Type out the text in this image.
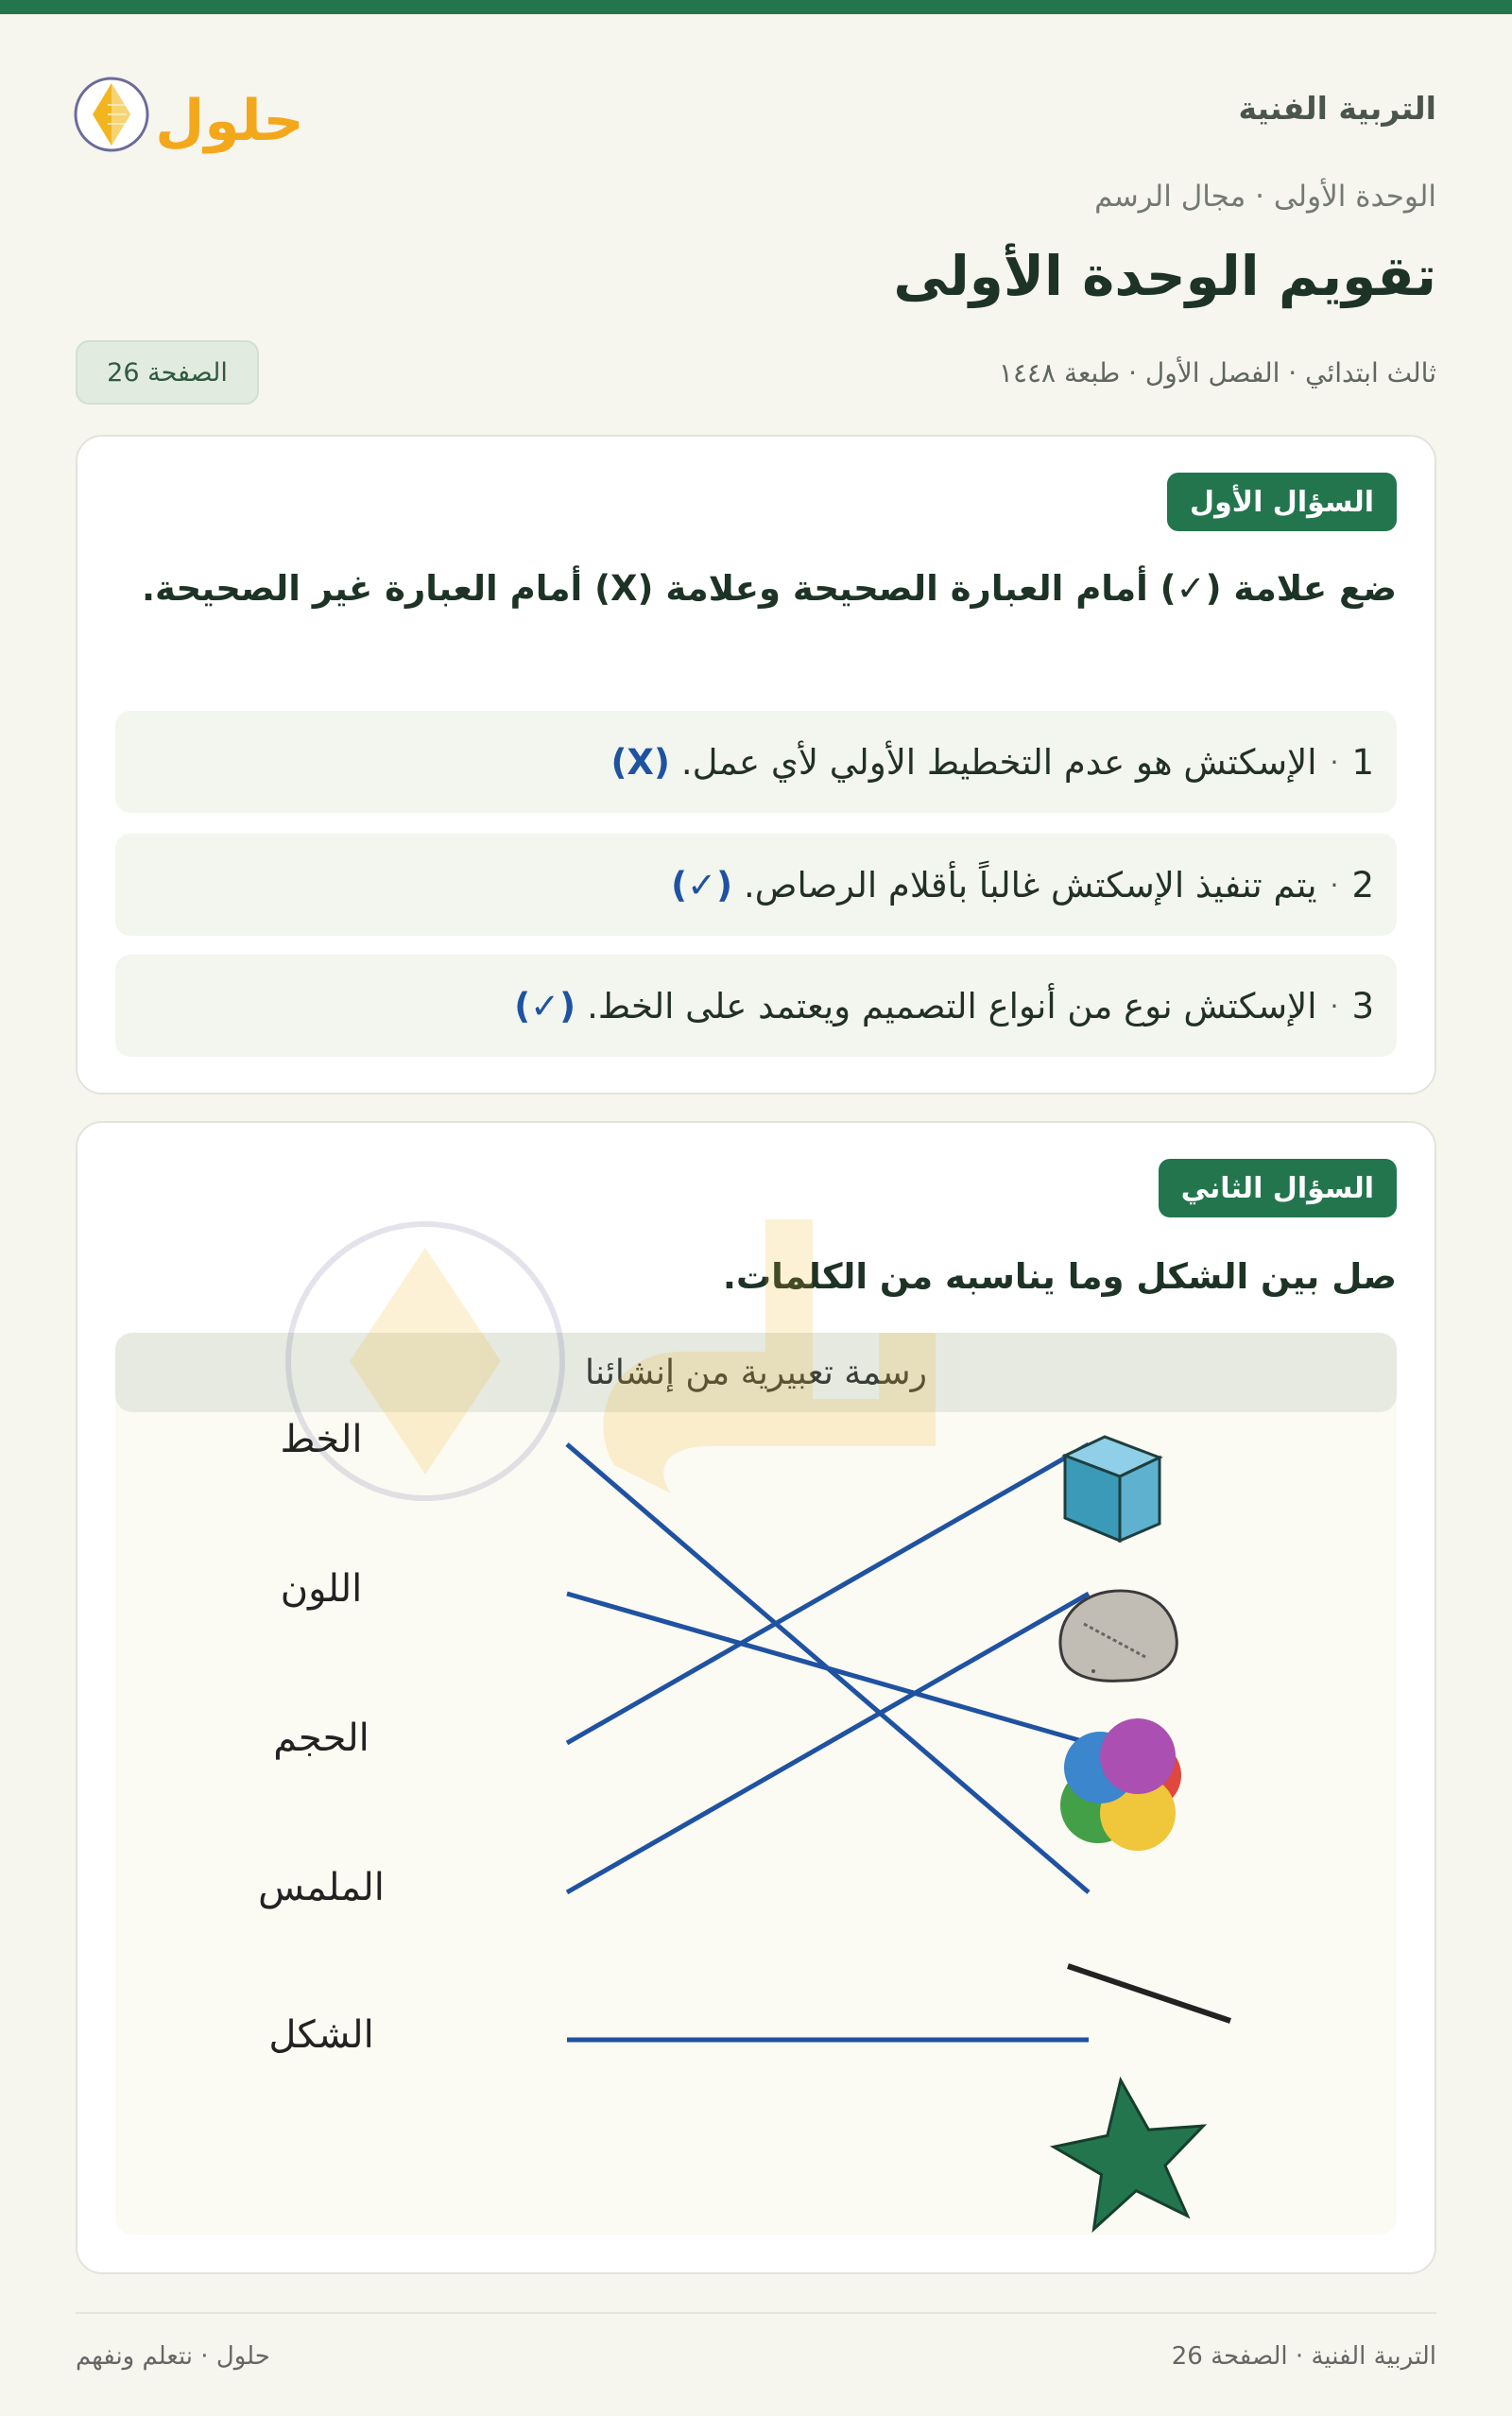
حلول	التربية الفنية
الوحدة الأولى · مجال الرسم
تقويم الوحدة الأولى
ثالث ابتدائي · الفصل الأول · طبعة ١٤٤٨
الصفحة 26
السؤال الأول
ضع علامة (✓) أمام العبارة الصحيحة وعلامة (X) أمام العبارة غير الصحيحة.
1
·
الإسكتش هو عدم التخطيط الأولي لأي عمل.
(X)
2
·
يتم تنفيذ الإسكتش غالباً بأقلام الرصاص.
(✓)
3
·
الإسكتش نوع من أنواع التصميم ويعتمد على الخط.
(✓)
السؤال الثاني
صل بين الشكل وما يناسبه من الكلمات.
الخط
اللون
الحجم
الملمس
الشكل
رسمة تعبيرية من إنشائنا
التربية الفنية · الصفحة 26
حلول · نتعلم ونفهم
